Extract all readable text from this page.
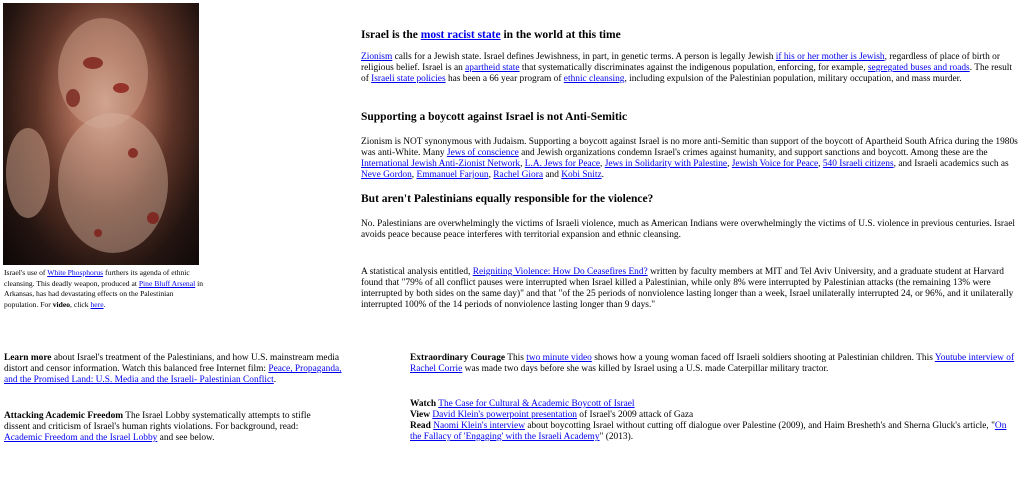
Israel's use of White Phosphorus furthers its agenda of ethnic cleansing. This deadly weapon, produced at Pine Bluff Arsenal in Arkansas, has had devastating effects on the Palestinian population. For video, click here.
Israel is the most racist state in the world at this time
Zionism calls for a Jewish state. Israel defines Jewishness, in part, in genetic terms. A person is legally Jewish if his or her mother is Jewish, regardless of place of birth or religious belief. Israel is an apartheid state that systematically discriminates against the indigenous population, enforcing, for example, segregated buses and roads. The result of Israeli state policies has been a 66 year program of ethnic cleansing, including expulsion of the Palestinian population, military occupation, and mass murder.
Supporting a boycott against Israel is not Anti-Semitic
Zionism is NOT synonymous with Judaism. Supporting a boycott against Israel is no more anti-Semitic than support of the boycott of Apartheid South Africa during the 1980s was anti-White. Many Jews of conscience and Jewish organizations condemn Israel's crimes against humanity, and support sanctions and boycott. Among these are the International Jewish Anti-Zionist Network, L.A. Jews for Peace, Jews in Solidarity with Palestine, Jewish Voice for Peace, 540 Israeli citizens, and Israeli academics such as Neve Gordon, Emmanuel Farjoun, Rachel Giora and Kobi Snitz.
But aren't Palestinians equally responsible for the violence?
No. Palestinians are overwhelmingly the victims of Israeli violence, much as American Indians were overwhelmingly the victims of U.S. violence in previous centuries. Israel avoids peace because peace interferes with territorial expansion and ethnic cleansing.
A statistical analysis entitled, Reigniting Violence: How Do Ceasefires End? written by faculty members at MIT and Tel Aviv University, and a graduate student at Harvard found that "79% of all conflict pauses were interrupted when Israel killed a Palestinian, while only 8% were interrupted by Palestinian attacks (the remaining 13% were interrupted by both sides on the same day)" and that "of the 25 periods of nonviolence lasting longer than a week, Israel unilaterally interrupted 24, or 96%, and it unilaterally interrupted 100% of the 14 periods of nonviolence lasting longer than 9 days."
Learn more about Israel's treatment of the Palestinians, and how U.S. mainstream media distort and censor information. Watch this balanced free Internet film: Peace, Propaganda, and the Promised Land: U.S. Media and the Israeli- Palestinian Conflict.
Attacking Academic Freedom The Israel Lobby systematically attempts to stifle dissent and criticism of Israel's human rights violations. For background, read: Academic Freedom and the Israel Lobby and see below.
Extraordinary Courage This two minute video shows how a young woman faced off Israeli soldiers shooting at Palestinian children. This Youtube interview of Rachel Corrie was made two days before she was killed by Israel using a U.S. made Caterpillar military tractor.
Watch The Case for Cultural & Academic Boycott of Israel
View David Klein's powerpoint presentation of Israel's 2009 attack of Gaza
Read Naomi Klein's interview about boycotting Israel without cutting off dialogue over Palestine (2009), and Haim Bresheth's and Sherna Gluck's article, "On the Fallacy of 'Engaging' with the Israeli Academy" (2013).
